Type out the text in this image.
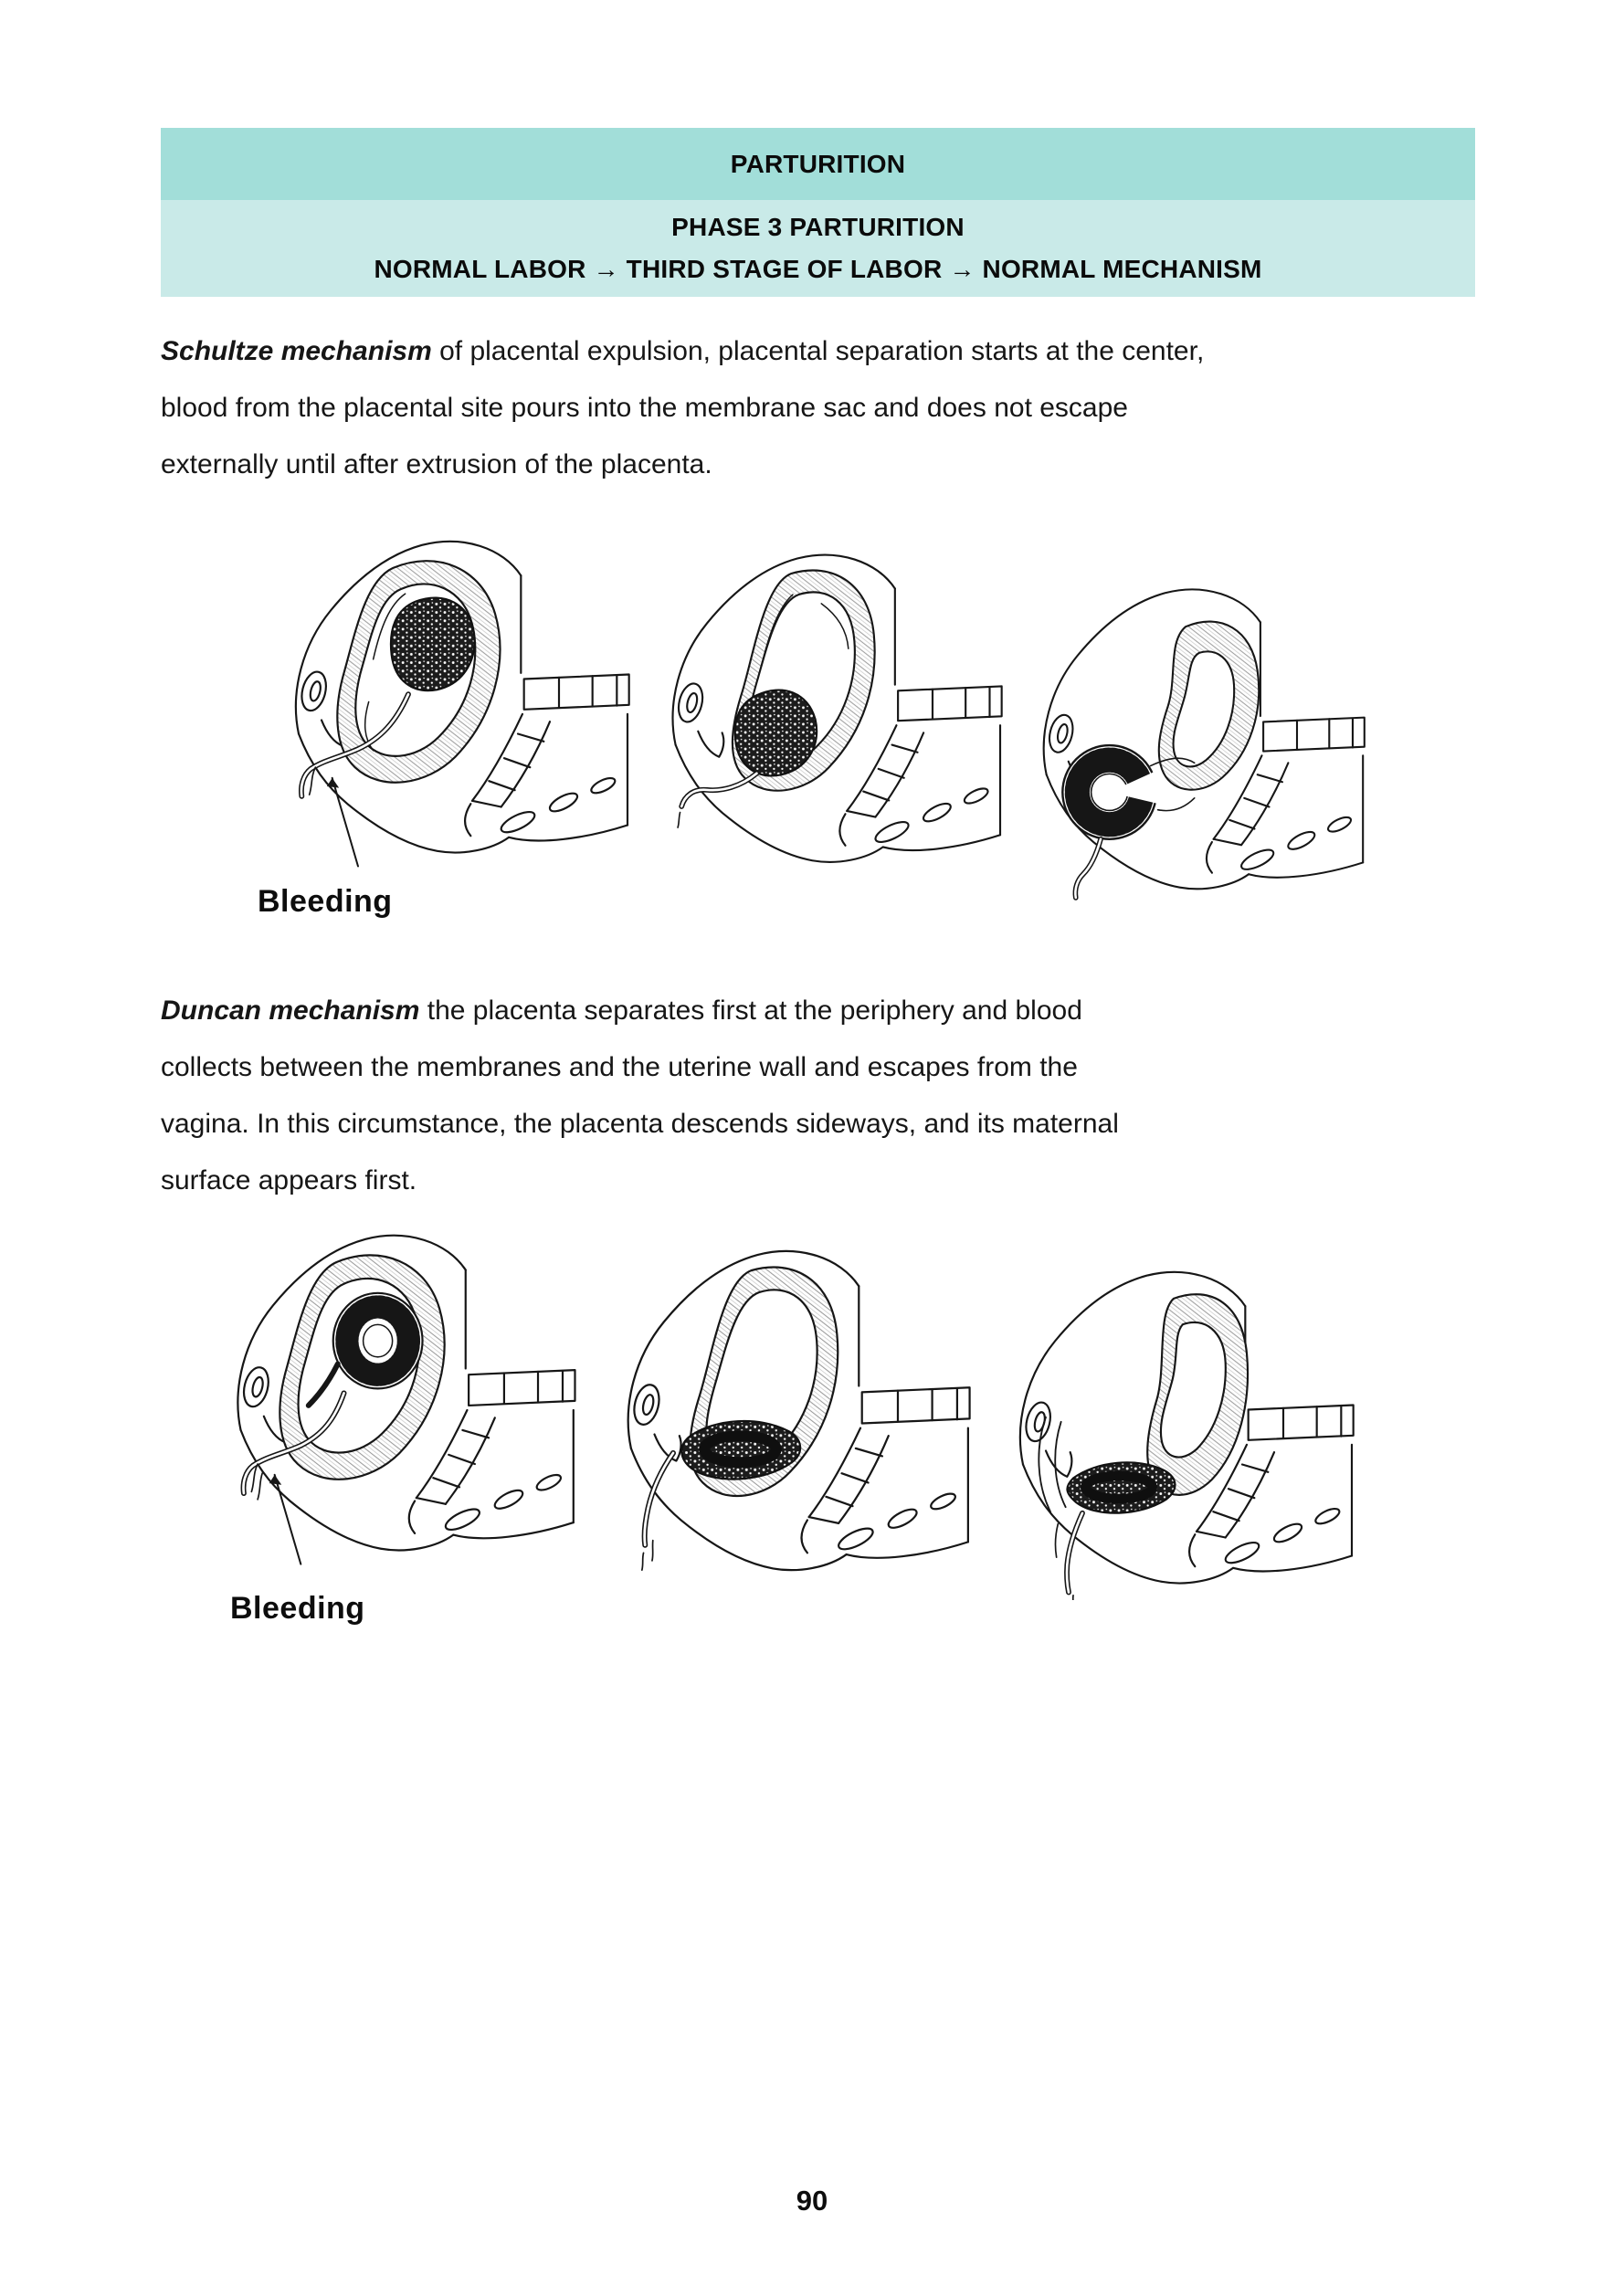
PARTURITION
PHASE 3 PARTURITION
NORMAL LABOR → THIRD STAGE OF LABOR → NORMAL MECHANISM
Schultze mechanism of placental expulsion, placental separation starts at the center,
blood from the placental site pours into the membrane sac and does not escape
externally until after extrusion of the placenta.
Bleeding
Duncan mechanism the placenta separates first at the periphery and blood
collects between the membranes and the uterine wall and escapes from the
vagina. In this circumstance, the placenta descends sideways, and its maternal
surface appears first.
Bleeding
90
